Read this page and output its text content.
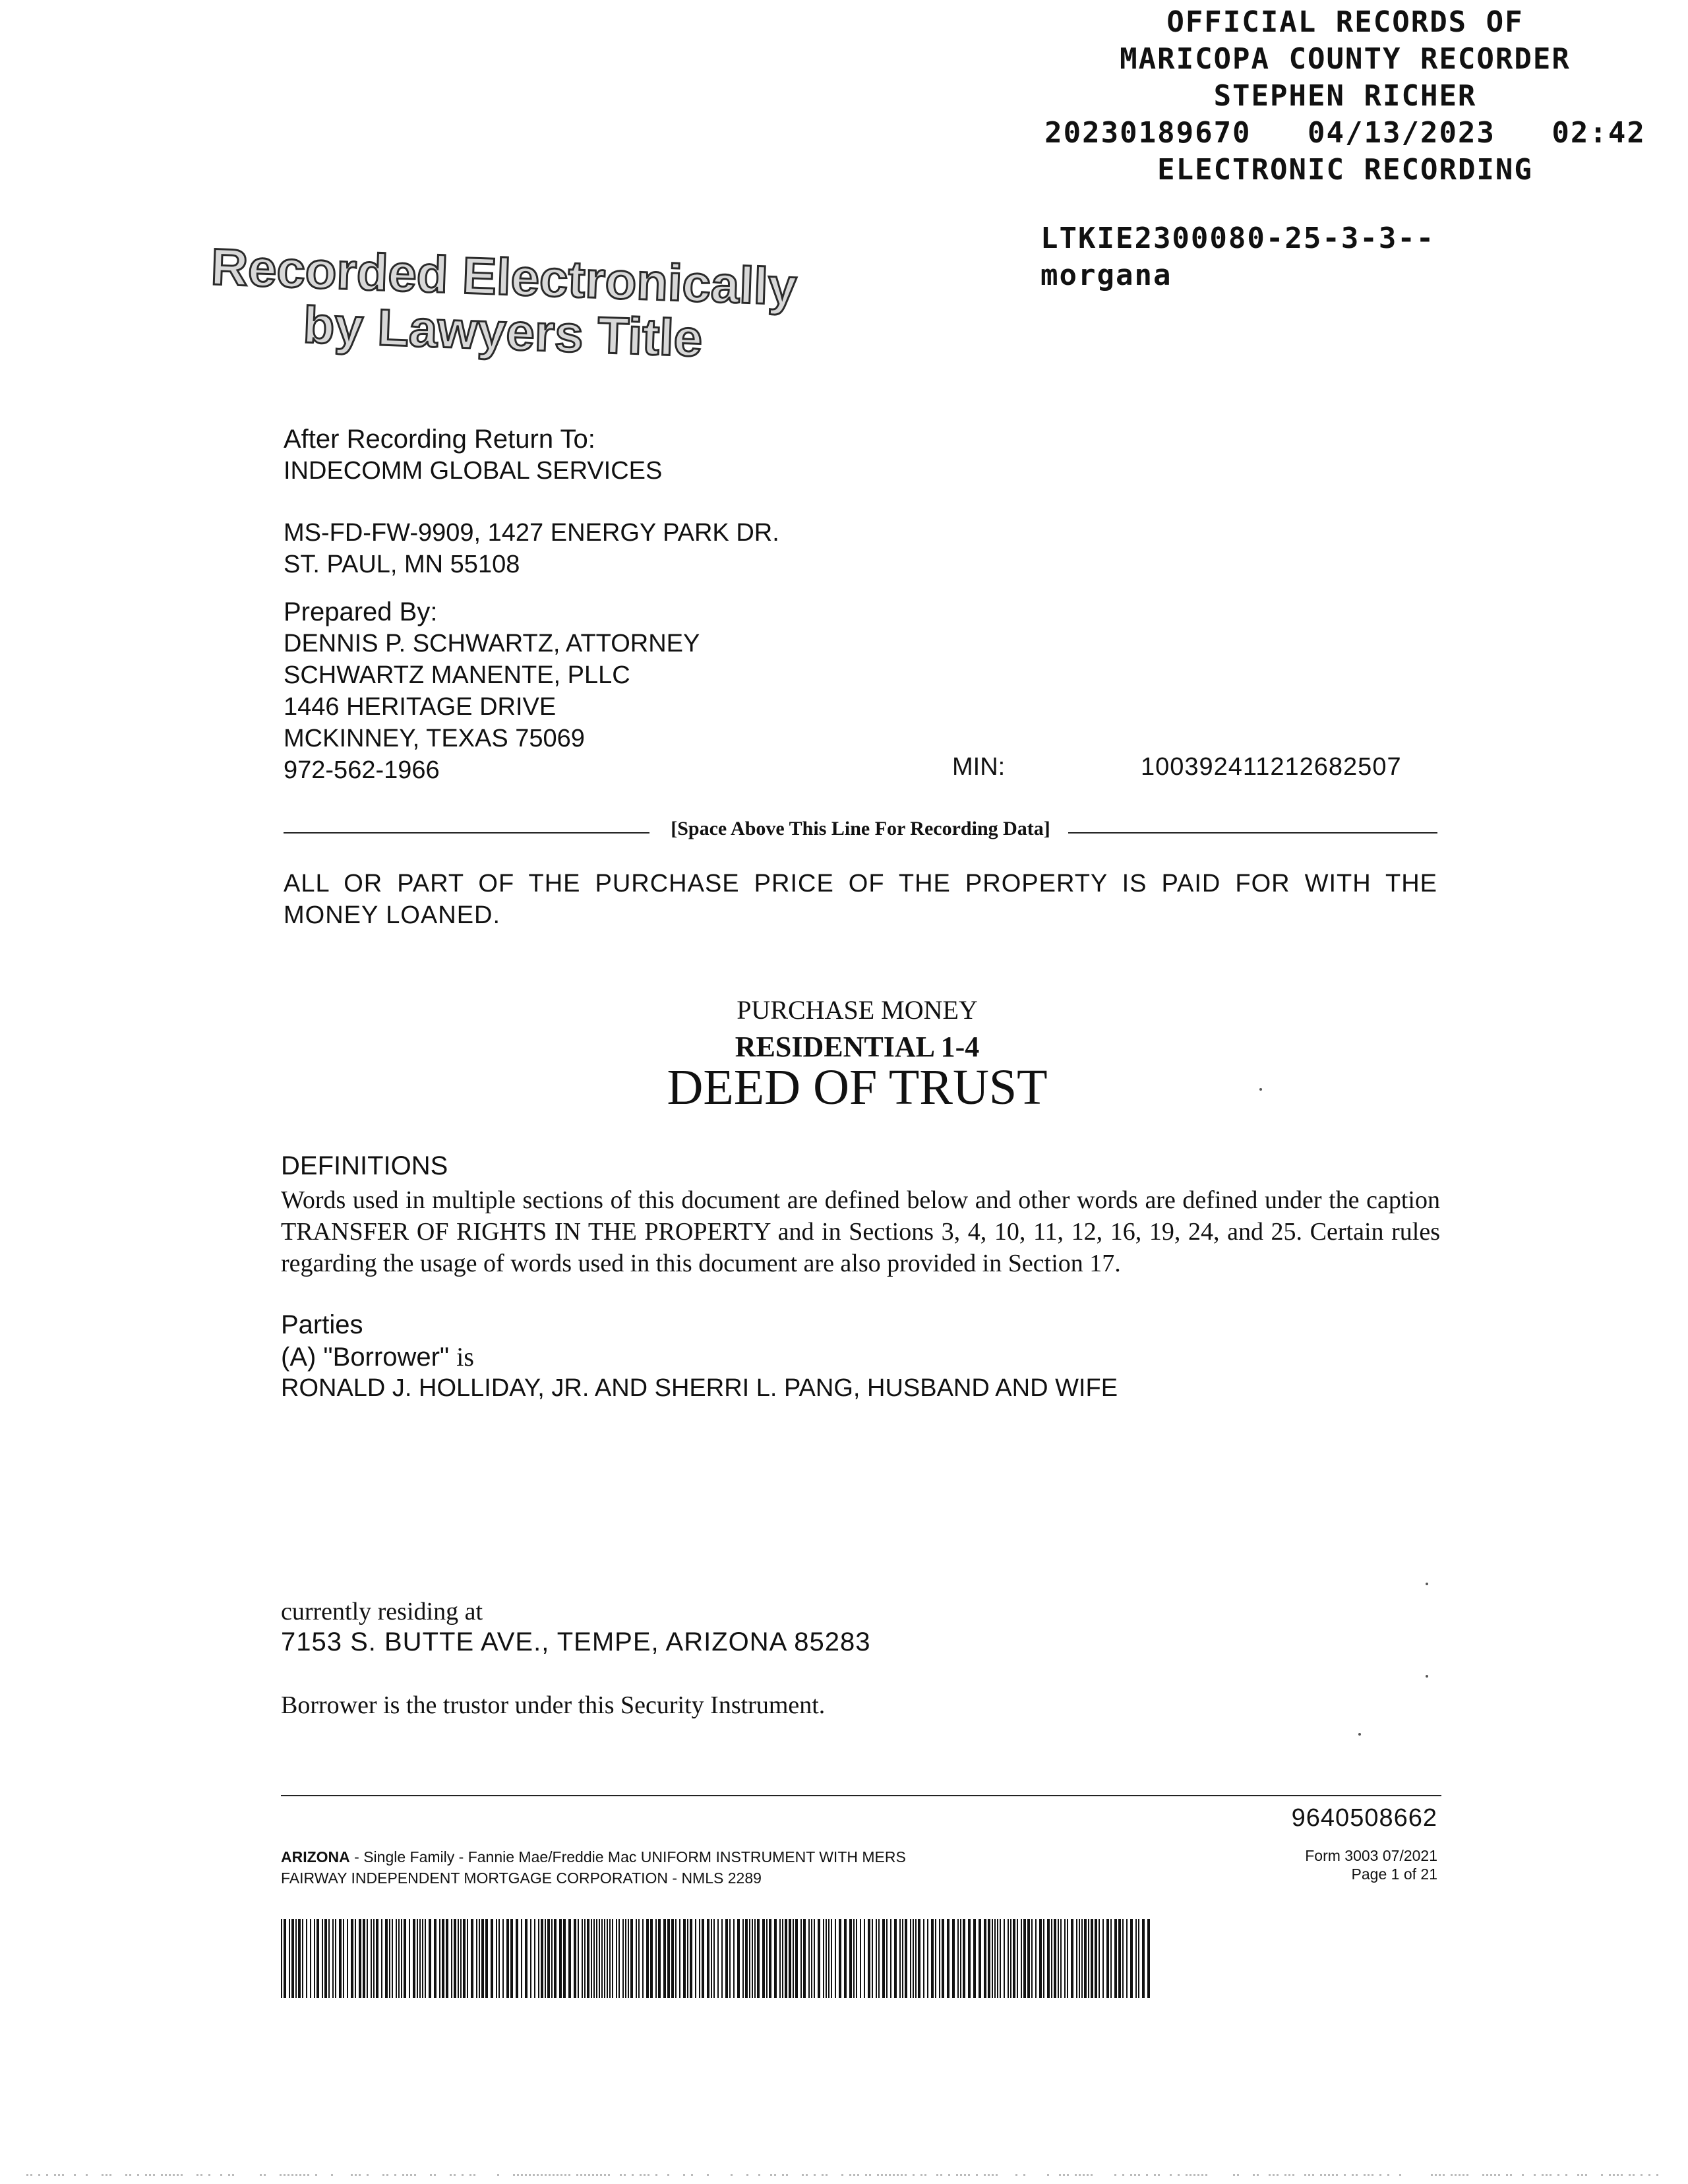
OFFICIAL RECORDS OF
MARICOPA COUNTY RECORDER
STEPHEN RICHER
20230189670   04/13/2023   02:42
ELECTRONIC RECORDING
LTKIE2300080-25-3-3--
morgana
Recorded Electronically
by Lawyers Title
After Recording Return To:
INDECOMM GLOBAL SERVICES
MS-FD-FW-9909, 1427 ENERGY PARK DR.
ST. PAUL, MN 55108
Prepared By:
DENNIS P. SCHWARTZ, ATTORNEY
SCHWARTZ MANENTE, PLLC
1446 HERITAGE DRIVE
MCKINNEY, TEXAS 75069
972-562-1966	MIN:	100392411212682507
[Space Above This Line For Recording Data]
ALL OR PART OF THE PURCHASE PRICE OF THE PROPERTY IS PAID FOR WITH THE MONEY LOANED.
PURCHASE MONEY
RESIDENTIAL 1-4
DEED OF TRUST
DEFINITIONS
Words used in multiple sections of this document are defined below and other words are defined under the caption TRANSFER OF RIGHTS IN THE PROPERTY and in Sections 3, 4, 10, 11, 12, 16, 19, 24, and 25. Certain rules regarding the usage of words used in this document are also provided in Section 17.
Parties
(A) "Borrower" is
RONALD J. HOLLIDAY, JR. AND SHERRI L. PANG, HUSBAND AND WIFE
currently residing at
7153 S. BUTTE AVE., TEMPE, ARIZONA 85283
Borrower is the trustor under this Security Instrument.
9640508662
ARIZONA - Single Family - Fannie Mae/Freddie Mac UNIFORM INSTRUMENT WITH MERS
FAIRWAY INDEPENDENT MORTGAGE CORPORATION - NMLS 2289
Form 3003 07/2021
Page 1 of 21
